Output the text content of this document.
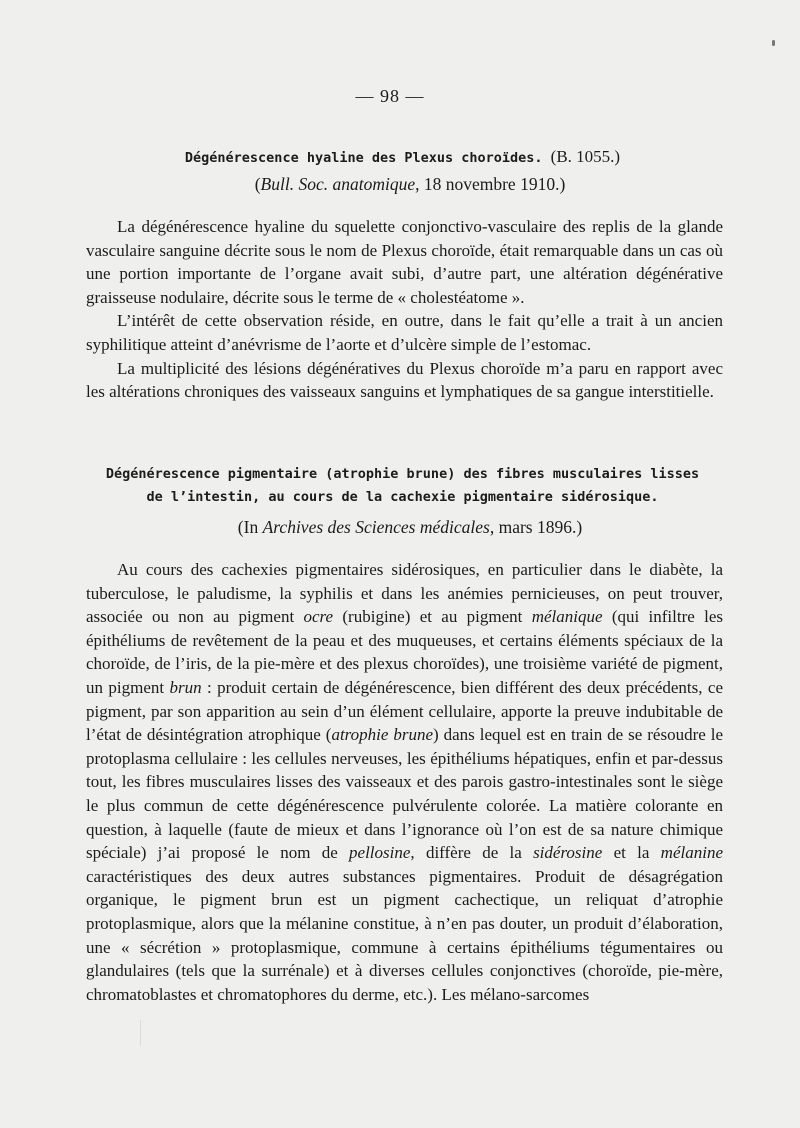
— 98 —
Dégénérescence hyaline des Plexus choroïdes. (B. 1055.)
(Bull. Soc. anatomique, 18 novembre 1910.)

La dégénérescence hyaline du squelette conjonctivo-vasculaire des replis de la glande vasculaire sanguine décrite sous le nom de Plexus choroïde, était remarquable dans un cas où une portion importante de l’organe avait subi, d’autre part, une altération dégénérative graisseuse nodulaire, décrite sous le terme de « cholestéatome ».

L’intérêt de cette observation réside, en outre, dans le fait qu’elle a trait à un ancien syphilitique atteint d’anévrisme de l’aorte et d’ulcère simple de l’estomac.

La multiplicité des lésions dégénératives du Plexus choroïde m’a paru en rapport avec les altérations chroniques des vaisseaux sanguins et lymphatiques de sa gangue interstitielle.

Dégénérescence pigmentaire (atrophie brune) des fibres musculaires lisses
de l’intestin, au cours de la cachexie pigmentaire sidérosique.
(In Archives des Sciences médicales, mars 1896.)

Au cours des cachexies pigmentaires sidérosiques, en particulier dans le diabète, la tuberculose, le paludisme, la syphilis et dans les anémies pernicieuses, on peut trouver, associée ou non au pigment ocre (rubigine) et au pigment mélanique (qui infiltre les épithéliums de revêtement de la peau et des muqueuses, et certains éléments spéciaux de la choroïde, de l’iris, de la pie-mère et des plexus choroïdes), une troisième variété de pigment, un pigment brun : produit certain de dégénérescence, bien différent des deux précédents, ce pigment, par son apparition au sein d’un élément cellulaire, apporte la preuve indubitable de l’état de désintégration atrophique (atrophie brune) dans lequel est en train de se résoudre le protoplasma cellulaire : les cellules nerveuses, les épithéliums hépatiques, enfin et par-dessus tout, les fibres musculaires lisses des vaisseaux et des parois gastro-intestinales sont le siège le plus commun de cette dégénérescence pulvérulente colorée. La matière colorante en question, à laquelle (faute de mieux et dans l’ignorance où l’on est de sa nature chimique spéciale) j’ai proposé le nom de pellosine, diffère de la sidérosine et la mélanine caractéristiques des deux autres substances pigmentaires. Produit de désagrégation organique, le pigment brun est un pigment cachectique, un reliquat d’atrophie protoplasmique, alors que la mélanine constitue, à n’en pas douter, un produit d’élaboration, une « sécrétion » protoplasmique, commune à certains épithéliums tégumentaires ou glandulaires (tels que la surrénale) et à diverses cellules conjonctives (choroïde, pie-mère, chromatoblastes et chromatophores du derme, etc.). Les mélano-sarcomes
